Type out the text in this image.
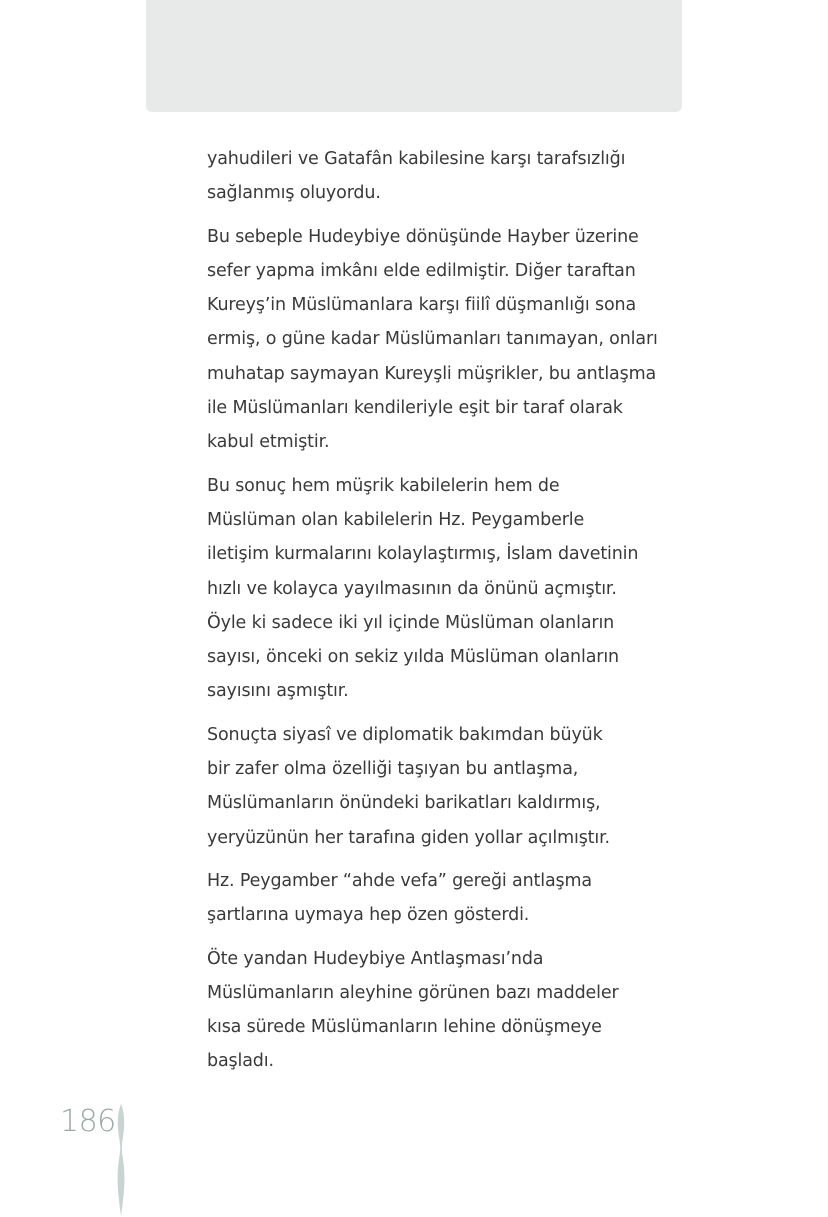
yahudileri ve Gatafân kabilesine karşı tarafsızlığı
sağlanmış oluyordu.

Bu sebeple Hudeybiye dönüşünde Hayber üzerine
sefer yapma imkânı elde edilmiştir. Diğer taraftan
Kureyş’in Müslümanlara karşı fiilî düşmanlığı sona
ermiş, o güne kadar Müslümanları tanımayan, onları
muhatap saymayan Kureyşli müşrikler, bu antlaşma
ile Müslümanları kendileriyle eşit bir taraf olarak
kabul etmiştir.

Bu sonuç hem müşrik kabilelerin hem de
Müslüman olan kabilelerin Hz. Peygamberle
iletişim kurmalarını kolaylaştırmış, İslam davetinin
hızlı ve kolayca yayılmasının da önünü açmıştır.
Öyle ki sadece iki yıl içinde Müslüman olanların
sayısı, önceki on sekiz yılda Müslüman olanların
sayısını aşmıştır.

Sonuçta siyasî ve diplomatik bakımdan büyük
bir zafer olma özelliği taşıyan bu antlaşma,
Müslümanların önündeki barikatları kaldırmış,
yeryüzünün her tarafına giden yollar açılmıştır.

Hz. Peygamber “ahde vefa” gereği antlaşma
şartlarına uymaya hep özen gösterdi.

Öte yandan Hudeybiye Antlaşması’nda
Müslümanların aleyhine görünen bazı maddeler
kısa sürede Müslümanların lehine dönüşmeye
başladı.

186
